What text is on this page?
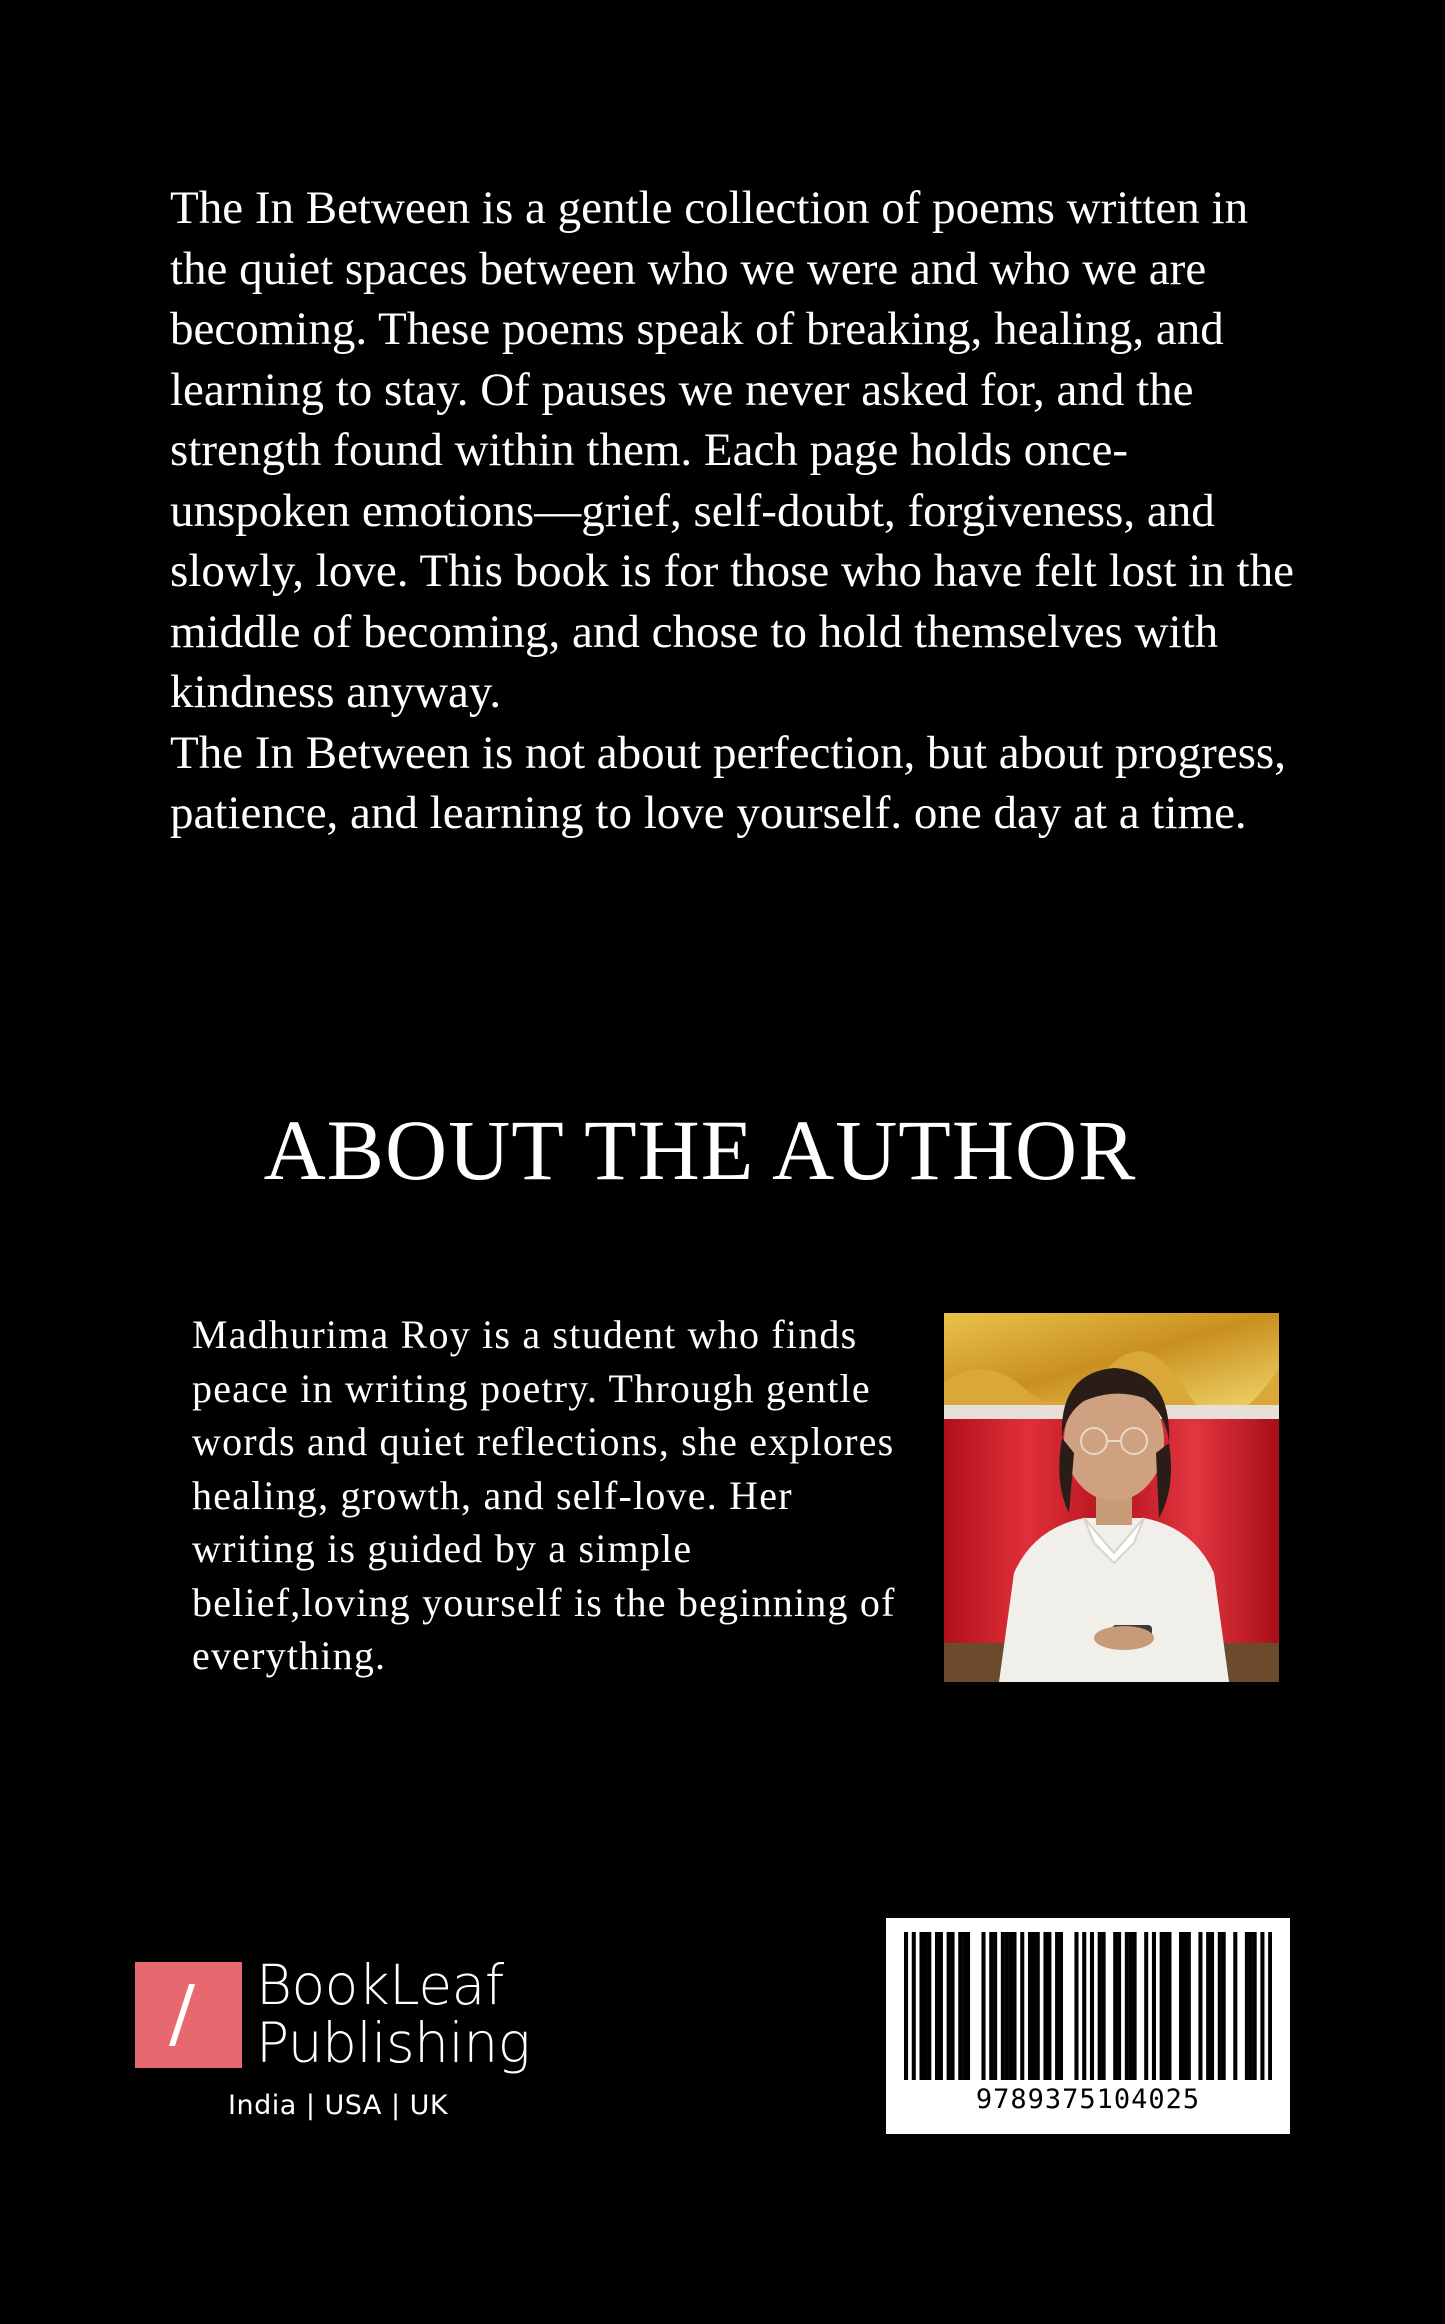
The In Between is a gentle collection of poems written in the quiet spaces between who we were and who we are becoming. These poems speak of breaking, healing, and learning to stay. Of pauses we never asked for, and the strength found within them. Each page holds once-unspoken emotions—grief, self-doubt, forgiveness, and slowly, love. This book is for those who have felt lost in the middle of becoming, and chose to hold themselves with kindness anyway.

The In Between is not about perfection, but about progress, patience, and learning to love yourself. one day at a time.

ABOUT THE AUTHOR

Madhurima Roy is a student who finds peace in writing poetry. Through gentle words and quiet reflections, she explores healing, growth, and self-love. Her writing is guided by a simple belief,loving yourself is the beginning of everything.

BookLeaf
Publishing
India | USA | UK	9789375104025
